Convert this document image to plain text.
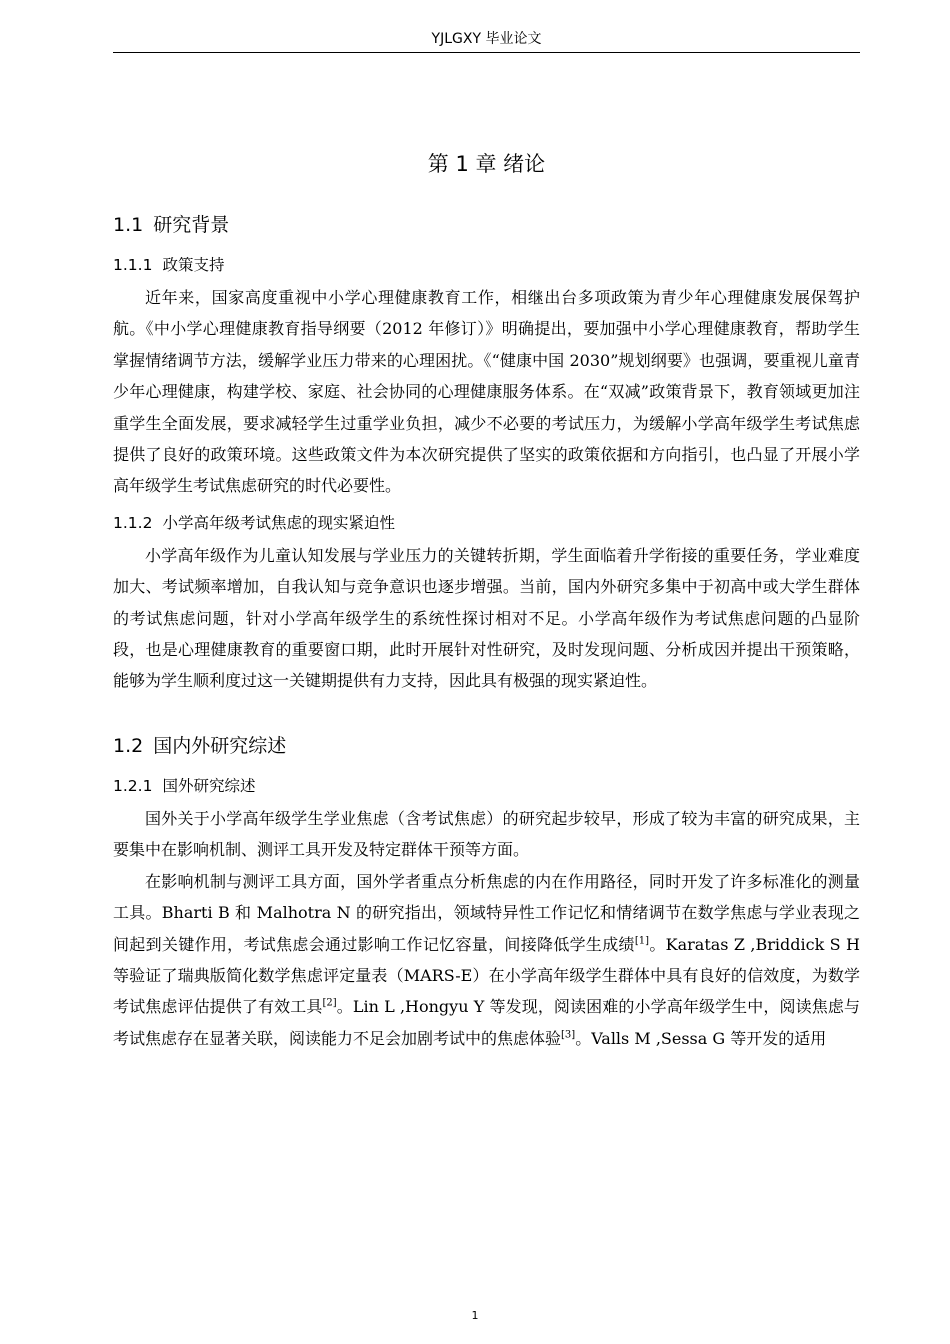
YJLGXY 毕业论文
第 1 章 绪论
1.1 研究背景
1.1.1 政策支持

近年来，国家高度重视中小学心理健康教育工作，相继出台多项政策为青少年心理健康发展保驾护航。《中小学心理健康教育指导纲要（2012 年修订）》明确提出，要加强中小学心理健康教育，帮助学生掌握情绪调节方法，缓解学业压力带来的心理困扰。《“健康中国 2030”规划纲要》也强调，要重视儿童青少年心理健康，构建学校、家庭、社会协同的心理健康服务体系。在“双减”政策背景下，教育领域更加注重学生全面发展，要求减轻学生过重学业负担，减少不必要的考试压力，为缓解小学高年级学生考试焦虑提供了良好的政策环境。这些政策文件为本次研究提供了坚实的政策依据和方向指引，也凸显了开展小学高年级学生考试焦虑研究的时代必要性。

1.1.2 小学高年级考试焦虑的现实紧迫性

小学高年级作为儿童认知发展与学业压力的关键转折期，学生面临着升学衔接的重要任务，学业难度加大、考试频率增加，自我认知与竞争意识也逐步增强。当前，国内外研究多集中于初高中或大学生群体的考试焦虑问题，针对小学高年级学生的系统性探讨相对不足。小学高年级作为考试焦虑问题的凸显阶段，也是心理健康教育的重要窗口期，此时开展针对性研究，及时发现问题、分析成因并提出干预策略，能够为学生顺利度过这一关键期提供有力支持，因此具有极强的现实紧迫性。

1.2 国内外研究综述
1.2.1 国外研究综述

国外关于小学高年级学生学业焦虑（含考试焦虑）的研究起步较早，形成了较为丰富的研究成果，主要集中在影响机制、测评工具开发及特定群体干预等方面。

在影响机制与测评工具方面，国外学者重点分析焦虑的内在作用路径，同时开发了许多标准化的测量工具。Bharti B 和 Malhotra N 的研究指出，领域特异性工作记忆和情绪调节在数学焦虑与学业表现之间起到关键作用，考试焦虑会通过影响工作记忆容量，间接降低学生成绩[1]。Karatas Z ,Briddick S H 等验证了瑞典版简化数学焦虑评定量表（MARS-E）在小学高年级学生群体中具有良好的信效度，为数学考试焦虑评估提供了有效工具[2]。Lin L ,Hongyu Y 等发现，阅读困难的小学高年级学生中，阅读焦虑与考试焦虑存在显著关联，阅读能力不足会加剧考试中的焦虑体验[3]。Valls M ,Sessa G 等开发的适用

1
